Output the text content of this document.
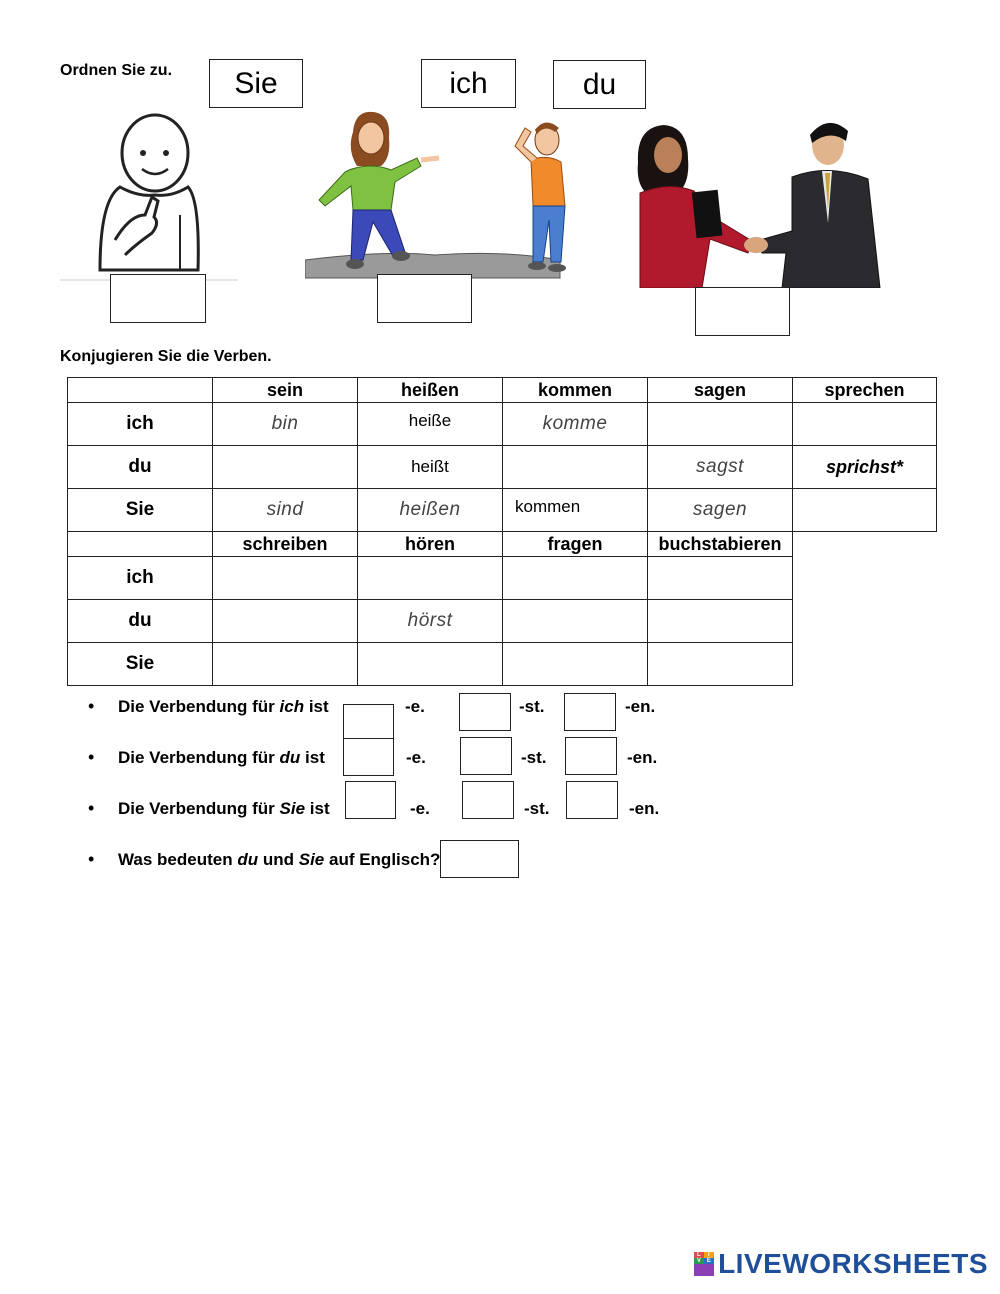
Ordnen Sie zu.	Sie	ich	du
Konjugieren Sie die Verben.
	sein	heißen	kommen	sagen	sprechen
ich	bin	heiße	komme	

du		heißt		sagst	sprichst*
Sie	sind	heißen	kommen	sagen	

	schreiben	hören	fragen	buchstabieren	
ich	

du		hörst	

Sie	

• Die Verbendung für ich ist	-e.	-st.	-en.
• Die Verbendung für du ist	-e.	-st.	-en.
• Die Verbendung für Sie ist	-e.	-st.	-en.
• Was bedeuten du und Sie auf Englisch?
L	I
V E LIVEWORKSHEETS
